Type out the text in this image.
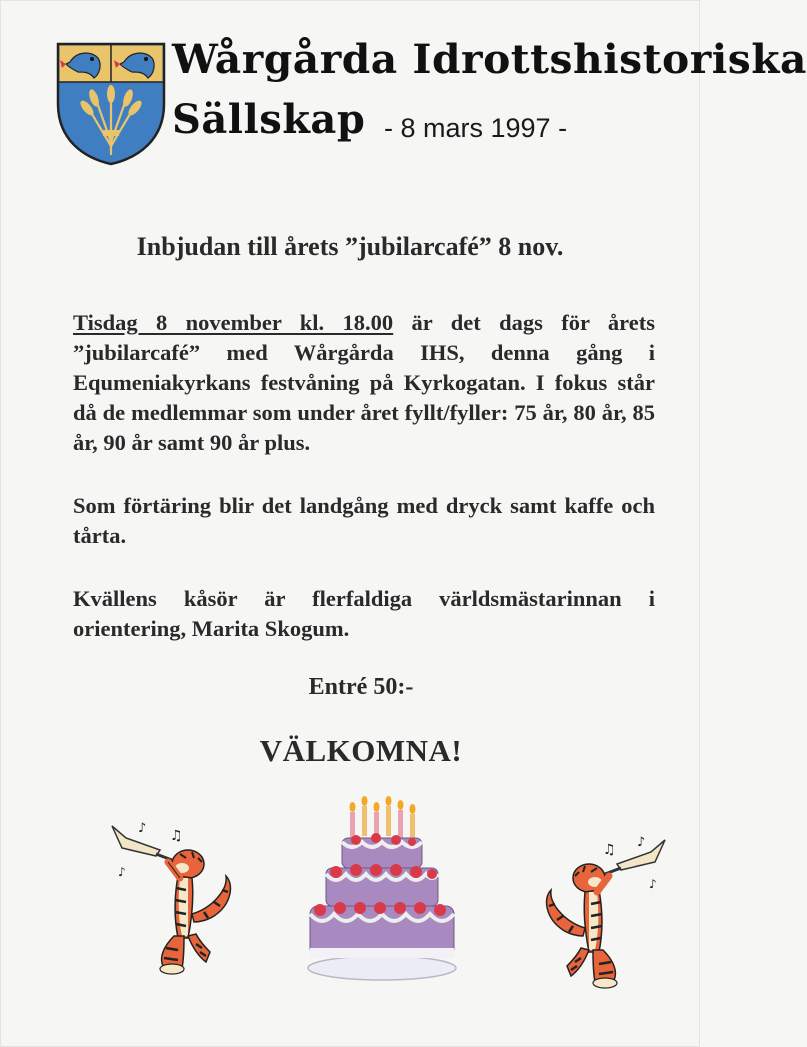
Wårgårda Idrottshistoriska
Sällskap - 8 mars 1997 -
Inbjudan till årets ”jubilarcafé” 8 nov.
Tisdag 8 november kl. 18.00 är det dags för årets ”jubilarcafé” med Wårgårda IHS, denna gång i Equmeniakyrkans festvåning på Kyrkogatan. I fokus står då de medlemmar som under året fyllt/fyller: 75 år, 80 år, 85 år, 90 år samt 90 år plus.
Som förtäring blir det landgång med dryck samt kaffe och tårta.
Kvällens kåsör är flerfaldiga världsmästarinnan i orientering, Marita Skogum.
Entré 50:-
VÄLKOMNA!
♪ ♫
♪
♫ ♪
♪
